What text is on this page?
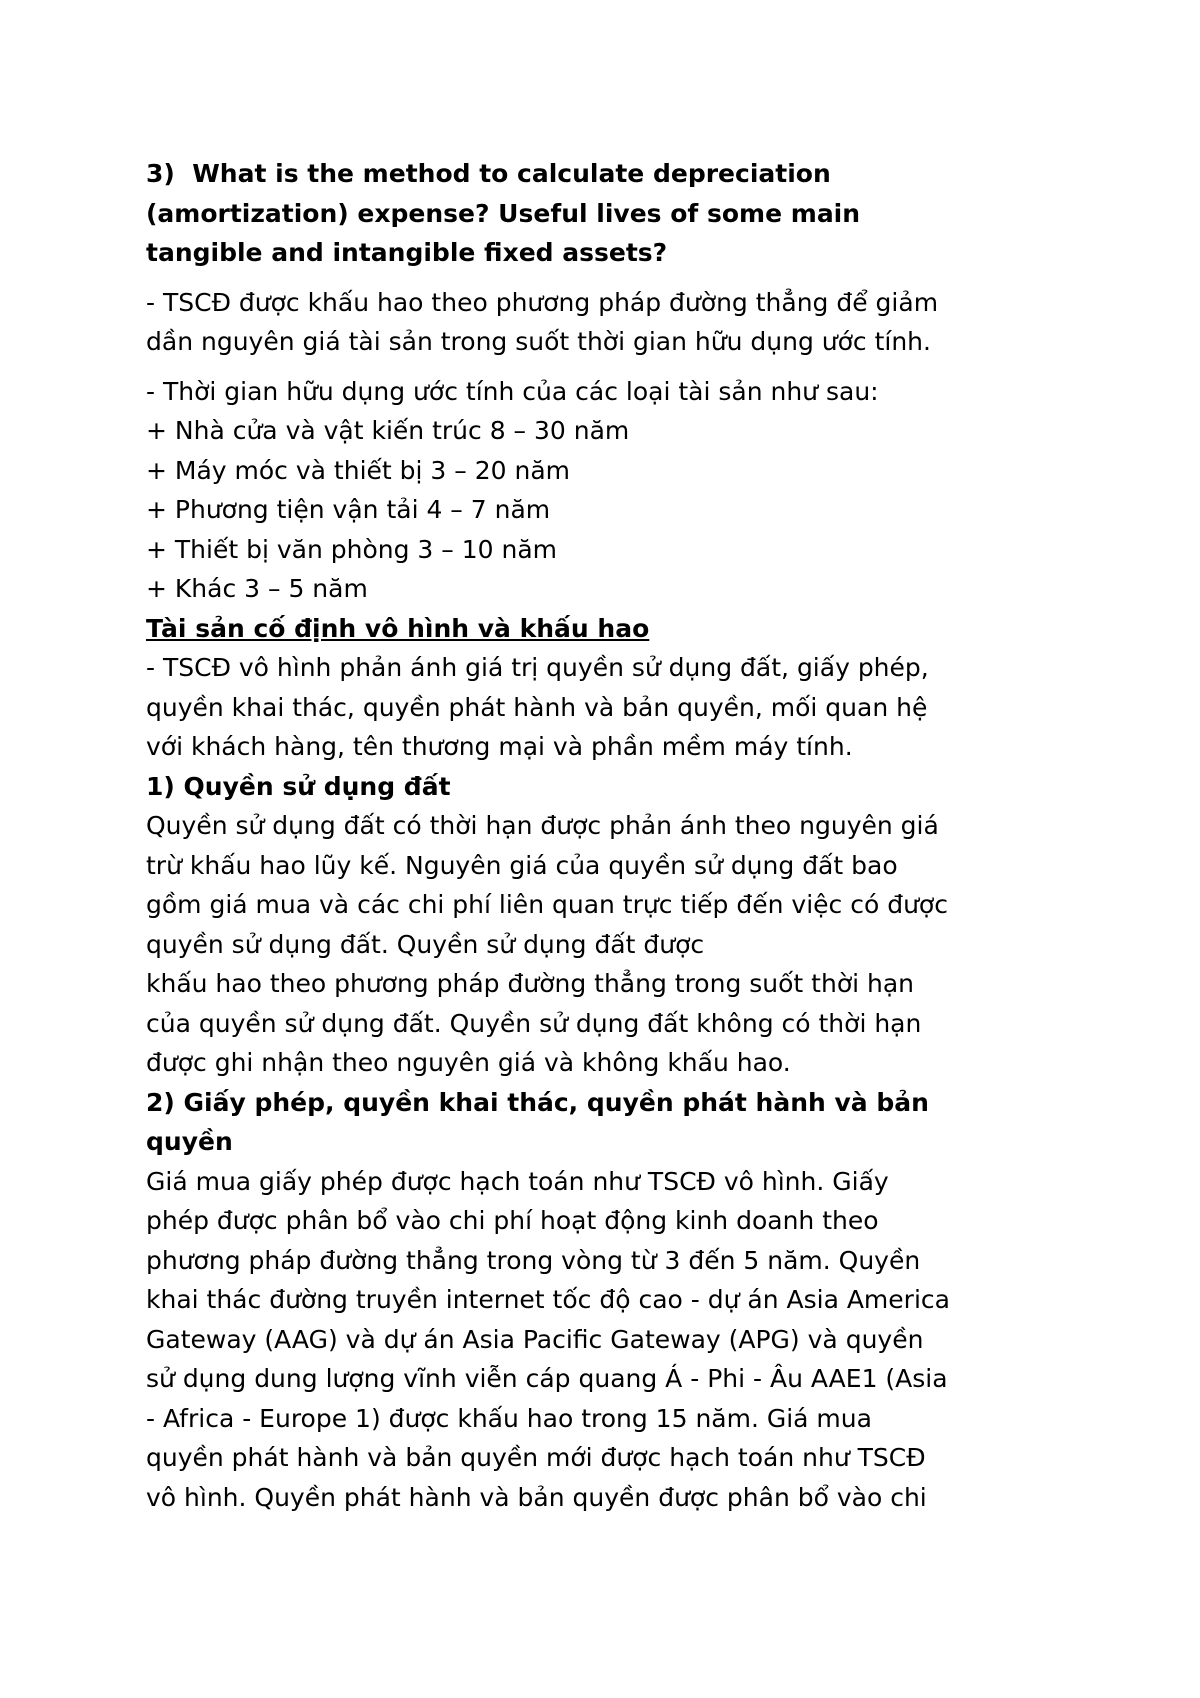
3)  What is the method to calculate depreciation
(amortization) expense? Useful lives of some main
tangible and intangible fixed assets?
- TSCĐ được khấu hao theo phương pháp đường thẳng để giảm
dần nguyên giá tài sản trong suốt thời gian hữu dụng ước tính.
- Thời gian hữu dụng ước tính của các loại tài sản như sau:
+ Nhà cửa và vật kiến trúc 8 – 30 năm
+ Máy móc và thiết bị 3 – 20 năm
+ Phương tiện vận tải 4 – 7 năm
+ Thiết bị văn phòng 3 – 10 năm
+ Khác 3 – 5 năm
Tài sản cố định vô hình và khấu hao
- TSCĐ vô hình phản ánh giá trị quyền sử dụng đất, giấy phép,
quyền khai thác, quyền phát hành và bản quyền, mối quan hệ
với khách hàng, tên thương mại và phần mềm máy tính.
1) Quyền sử dụng đất
Quyền sử dụng đất có thời hạn được phản ánh theo nguyên giá
trừ khấu hao lũy kế. Nguyên giá của quyền sử dụng đất bao
gồm giá mua và các chi phí liên quan trực tiếp đến việc có được
quyền sử dụng đất. Quyền sử dụng đất được
khấu hao theo phương pháp đường thẳng trong suốt thời hạn
của quyền sử dụng đất. Quyền sử dụng đất không có thời hạn
được ghi nhận theo nguyên giá và không khấu hao.
2) Giấy phép, quyền khai thác, quyền phát hành và bản
quyền
Giá mua giấy phép được hạch toán như TSCĐ vô hình. Giấy
phép được phân bổ vào chi phí hoạt động kinh doanh theo
phương pháp đường thẳng trong vòng từ 3 đến 5 năm. Quyền
khai thác đường truyền internet tốc độ cao - dự án Asia America
Gateway (AAG) và dự án Asia Pacific Gateway (APG) và quyền
sử dụng dung lượng vĩnh viễn cáp quang Á - Phi - Âu AAE1 (Asia
- Africa - Europe 1) được khấu hao trong 15 năm. Giá mua
quyền phát hành và bản quyền mới được hạch toán như TSCĐ
vô hình. Quyền phát hành và bản quyền được phân bổ vào chi
